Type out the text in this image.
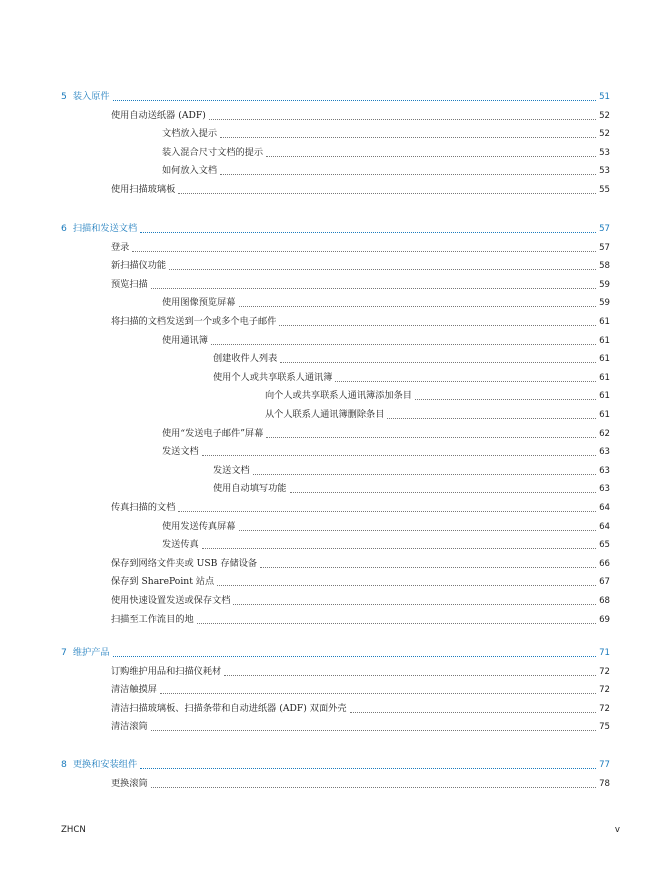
5 装入原件	51
使用自动送纸器 (ADF)	52
文档放入提示	52
装入混合尺寸文档的提示	53
如何放入文档	53
使用扫描玻璃板	55
6 扫描和发送文档	57
登录	57
新扫描仪功能	58
预览扫描	59
使用图像预览屏幕	59
将扫描的文档发送到一个或多个电子邮件	61
使用通讯簿	61
创建收件人列表	61
使用个人或共享联系人通讯簿	61
向个人或共享联系人通讯簿添加条目	61
从个人联系人通讯簿删除条目	61
使用“发送电子邮件”屏幕	62
发送文档	63
发送文档	63
使用自动填写功能	63
传真扫描的文档	64
使用发送传真屏幕	64
发送传真	65
保存到网络文件夹或 USB 存储设备	66
保存到 SharePoint 站点	67
使用快速设置发送或保存文档	68
扫描至工作流目的地	69
7 维护产品	71
订购维护用品和扫描仪耗材	72
清洁触摸屏	72
清洁扫描玻璃板、扫描条带和自动进纸器 (ADF) 双面外壳	72
清洁滚筒	75
8 更换和安装组件	77
更换滚筒	78
ZHCN	v
